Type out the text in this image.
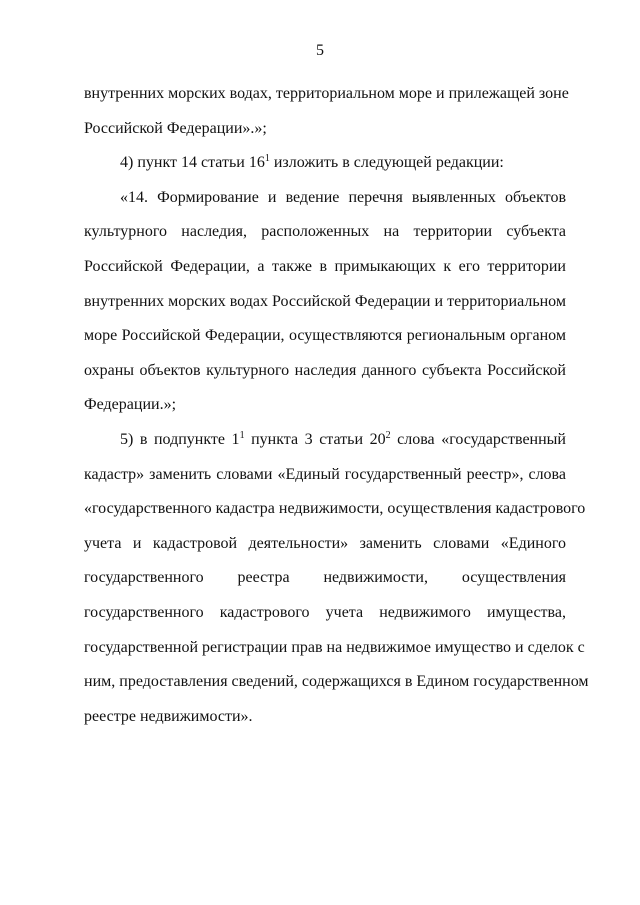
5
внутренних морских водах, территориальном море и прилежащей зоне
Российской Федерации».»;
4) пункт 14 статьи $16^1$ изложить в следующей редакции:
«14. Формирование и ведение перечня выявленных объектов
культурного наследия, расположенных на территории субъекта
Российской Федерации, а также в примыкающих к его территории
внутренних морских водах Российской Федерации и территориальном
море Российской Федерации, осуществляются региональным органом
охраны объектов культурного наследия данного субъекта Российской
Федерации.»;
5) в подпункте $1^1$ пункта 3 статьи $20^2$ слова «государственный
кадастр» заменить словами «Единый государственный реестр», слова
«государственного кадастра недвижимости, осуществления кадастрового
учета и кадастровой деятельности» заменить словами «Единого
государственного реестра недвижимости, осуществления
государственного кадастрового учета недвижимого имущества,
государственной регистрации прав на недвижимое имущество и сделок с
ним, предоставления сведений, содержащихся в Едином государственном
реестре недвижимости».
